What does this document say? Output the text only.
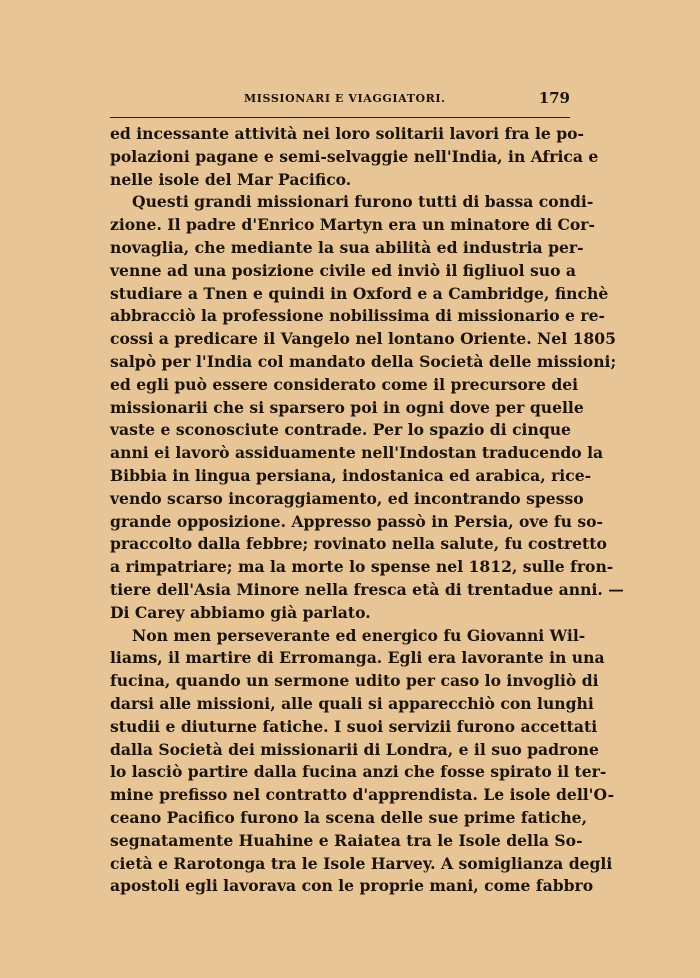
MISSIONARI E VIAGGIATORI.	179
ed incessante attività nei loro solitarii lavori fra le po-
polazioni pagane e semi-selvaggie nell'India, in Africa e
nelle isole del Mar Pacifico.
Questi grandi missionari furono tutti di bassa condi-
zione. Il padre d'Enrico Martyn era un minatore di Cor-
novaglia, che mediante la sua abilità ed industria per-
venne ad una posizione civile ed inviò il figliuol suo a
studiare a Tnen e quindi in Oxford e a Cambridge, finchè
abbracciò la professione nobilissima di missionario e re-
cossi a predicare il Vangelo nel lontano Oriente. Nel 1805
salpò per l'India col mandato della Società delle missioni;
ed egli può essere considerato come il precursore dei
missionarii che si sparsero poi in ogni dove per quelle
vaste e sconosciute contrade. Per lo spazio di cinque
anni ei lavorò assiduamente nell'Indostan traducendo la
Bibbia in lingua persiana, indostanica ed arabica, rice-
vendo scarso incoraggiamento, ed incontrando spesso
grande opposizione. Appresso passò in Persia, ove fu so-
praccolto dalla febbre; rovinato nella salute, fu costretto
a rimpatriare; ma la morte lo spense nel 1812, sulle fron-
tiere dell'Asia Minore nella fresca età di trentadue anni. —
Di Carey abbiamo già parlato.
Non men perseverante ed energico fu Giovanni Wil-
liams, il martire di Erromanga. Egli era lavorante in una
fucina, quando un sermone udito per caso lo invogliò di
darsi alle missioni, alle quali si apparecchiò con lunghi
studii e diuturne fatiche. I suoi servizii furono accettati
dalla Società dei missionarii di Londra, e il suo padrone
lo lasciò partire dalla fucina anzi che fosse spirato il ter-
mine prefisso nel contratto d'apprendista. Le isole dell'O-
ceano Pacifico furono la scena delle sue prime fatiche,
segnatamente Huahine e Raiatea tra le Isole della So-
cietà e Rarotonga tra le Isole Harvey. A somiglianza degli
apostoli egli lavorava con le proprie mani, come fabbro
